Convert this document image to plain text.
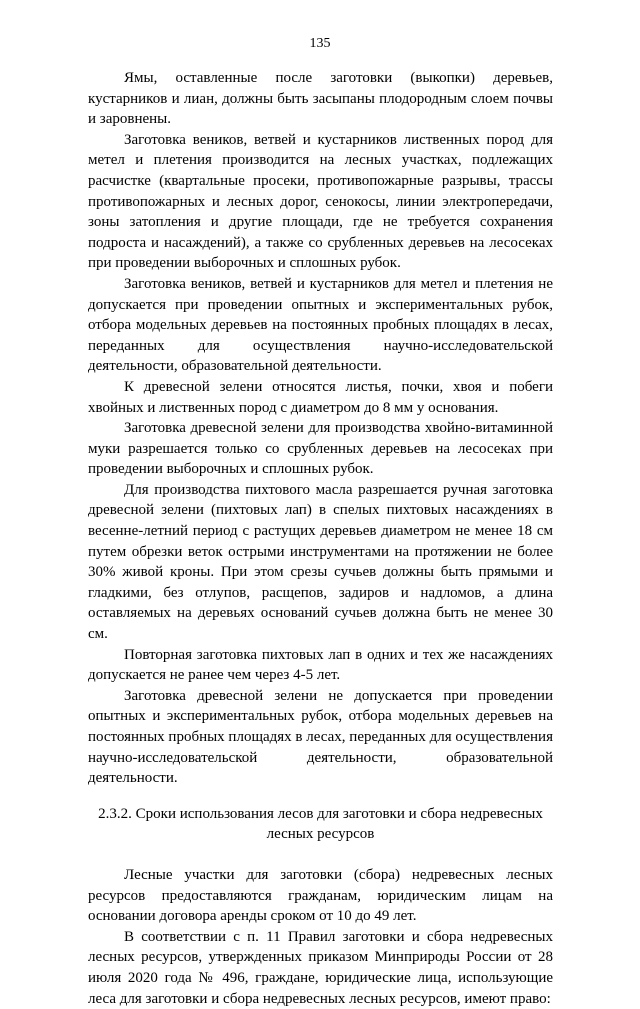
135

Ямы, оставленные после заготовки (выкопки) деревьев, кустарников и лиан, должны быть засыпаны плодородным слоем почвы и заровнены.

Заготовка веников, ветвей и кустарников лиственных пород для метел и плетения производится на лесных участках, подлежащих расчистке (квартальные просеки, противопожарные разрывы, трассы противопожарных и лесных дорог, сенокосы, линии электропередачи, зоны затопления и другие площади, где не требуется сохранения подроста и насаждений), а также со срубленных деревьев на лесосеках при проведении выборочных и сплошных рубок.

Заготовка веников, ветвей и кустарников для метел и плетения не допускается при проведении опытных и экспериментальных рубок, отбора модельных деревьев на постоянных пробных площадях в лесах, переданных для осуществления научно-исследовательской деятельности, образовательной деятельности.

К древесной зелени относятся листья, почки, хвоя и побеги хвойных и лиственных пород с диаметром до 8 мм у основания.

Заготовка древесной зелени для производства хвойно-витаминной муки разрешается только со срубленных деревьев на лесосеках при проведении выборочных и сплошных рубок.

Для производства пихтового масла разрешается ручная заготовка древесной зелени (пихтовых лап) в спелых пихтовых насаждениях в весенне-летний период с растущих деревьев диаметром не менее 18 см путем обрезки веток острыми инструментами на протяжении не более 30% живой кроны. При этом срезы сучьев должны быть прямыми и гладкими, без отлупов, расщепов, задиров и надломов, а длина оставляемых на деревьях оснований сучьев должна быть не менее 30 см.

Повторная заготовка пихтовых лап в одних и тех же насаждениях допускается не ранее чем через 4-5 лет.

Заготовка древесной зелени не допускается при проведении опытных и экспериментальных рубок, отбора модельных деревьев на постоянных пробных площадях в лесах, переданных для осуществления научно-исследовательской деятельности, образовательной деятельности.

2.3.2. Сроки использования лесов для заготовки и сбора недревесных лесных ресурсов

Лесные участки для заготовки (сбора) недревесных лесных ресурсов предоставляются гражданам, юридическим лицам на основании договора аренды сроком от 10 до 49 лет.

В соответствии с п. 11 Правил заготовки и сбора недревесных лесных ресурсов, утвержденных приказом Минприроды России от 28 июля 2020 года № 496, граждане, юридические лица, использующие леса для заготовки и сбора недревесных лесных ресурсов, имеют право:
